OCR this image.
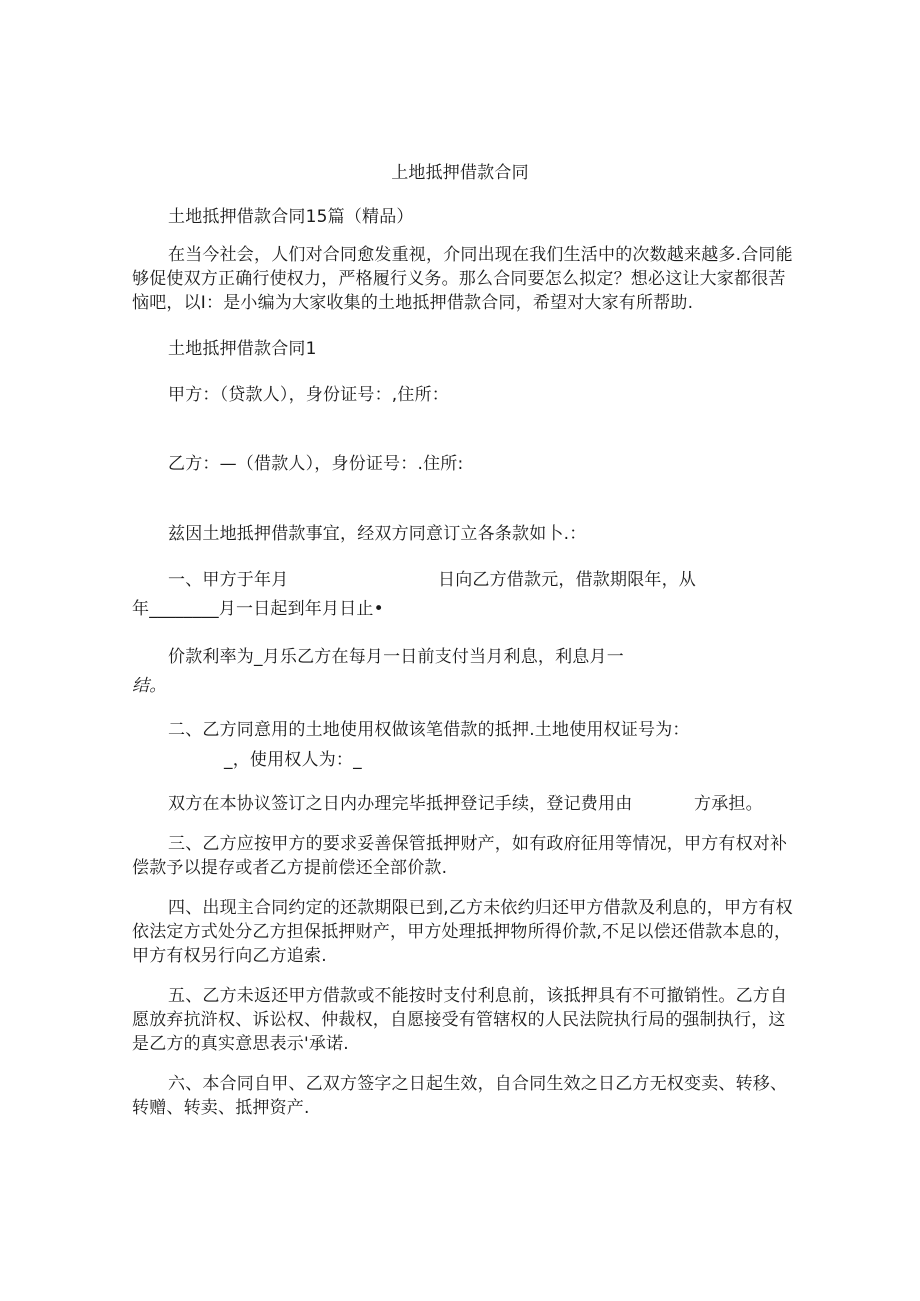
上地抵押借款合同
土地抵押借款合同15篇（精品）
在当今社会，人们对合同愈发重视，介同出现在我们生活中的次数越来越多.合同能
够促使双方正确行使权力，严格履行义务。那么合同要怎么拟定？想必这让大家都很苦
恼吧，以I：是小编为大家收集的土地抵押借款合同，希望对大家有所帮助.
土地抵押借款合同1
甲方：（贷款人），身份证号：,住所：
乙方：—（借款人），身份证号：.住所:
兹因土地抵押借款事宜，经双方同意订立各条款如卜.：
一、甲方于年月	日向乙方借款元，借款期限年，从
年________月一日起到年月日止•
价款利率为_月乐乙方在每月一日前支付当月利息，利息月一
结。
二、乙方同意用的土地使用权做该笔借款的抵押.土地使用权证号为：
_，使用权人为：_
双方在本协议签订之日内办理完毕抵押登记手续，登记费用由	方承担。
三、乙方应按甲方的要求妥善保管抵押财产，如有政府征用等情况，甲方有权对补
偿款予以提存或者乙方提前偿还全部价款.
四、出现主合同约定的还款期限已到,乙方未依约归还甲方借款及利息的，甲方有权
依法定方式处分乙方担保抵押财产，甲方处理抵押物所得价款,不足以偿还借款本息的，
甲方有权另行向乙方追索.
五、乙方未返还甲方借款或不能按时支付利息前，该抵押具有不可撤销性。乙方自
愿放弃抗浒权、诉讼权、仲裁权，自愿接受有管辖权的人民法院执行局的强制执行，这
是乙方的真实意思表示'承诺.
六、本合同自甲、乙双方签字之日起生效，自合同生效之日乙方无权变卖、转移、
转赠、转卖、抵押资产.
